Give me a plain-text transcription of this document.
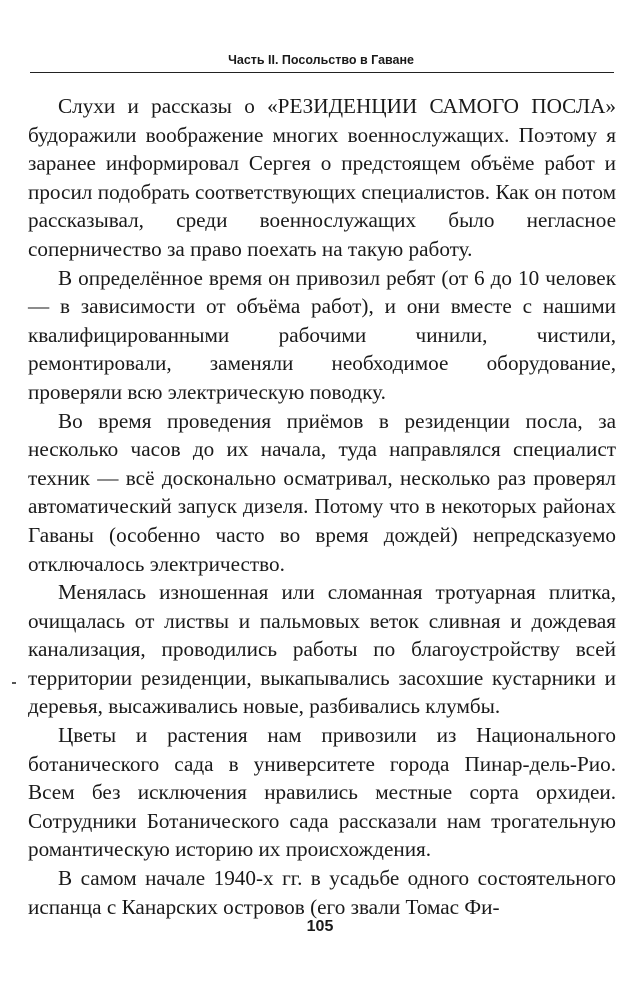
Часть II. Посольство в Гаване

Слухи и рассказы о «РЕЗИДЕНЦИИ САМОГО ПОСЛА» будоражили воображение многих военнослужащих. Поэтому я заранее информировал Сергея о предстоящем объёме работ и просил подобрать соответствующих специалистов. Как он потом рассказывал, среди военнослужащих было негласное соперничество за право поехать на такую работу.

В определённое время он привозил ребят (от 6 до 10 человек — в зависимости от объёма работ), и они вместе с нашими квалифицированными рабочими чинили, чистили, ремонтировали, заменяли необходимое оборудование, проверяли всю электрическую поводку.

Во время проведения приёмов в резиденции посла, за несколько часов до их начала, туда направлялся специалист техник — всё досконально осматривал, несколько раз проверял автоматический запуск дизеля. Потому что в некоторых районах Гаваны (особенно часто во время дождей) непредсказуемо отключалось электричество.

Менялась изношенная или сломанная тротуарная плитка, очищалась от листвы и пальмовых веток сливная и дождевая канализация, проводились работы по благоустройству всей территории резиденции, выкапывались засохшие кустарники и деревья, высаживались новые, разбивались клумбы.

Цветы и растения нам привозили из Национального ботанического сада в университете города Пинар-дель-Рио. Всем без исключения нравились местные сорта орхидеи. Сотрудники Ботанического сада рассказали нам трогательную романтическую историю их происхождения.

В самом начале 1940-х гг. в усадьбе одного состоятельного испанца с Канарских островов (его звали Томас Фи-

105
